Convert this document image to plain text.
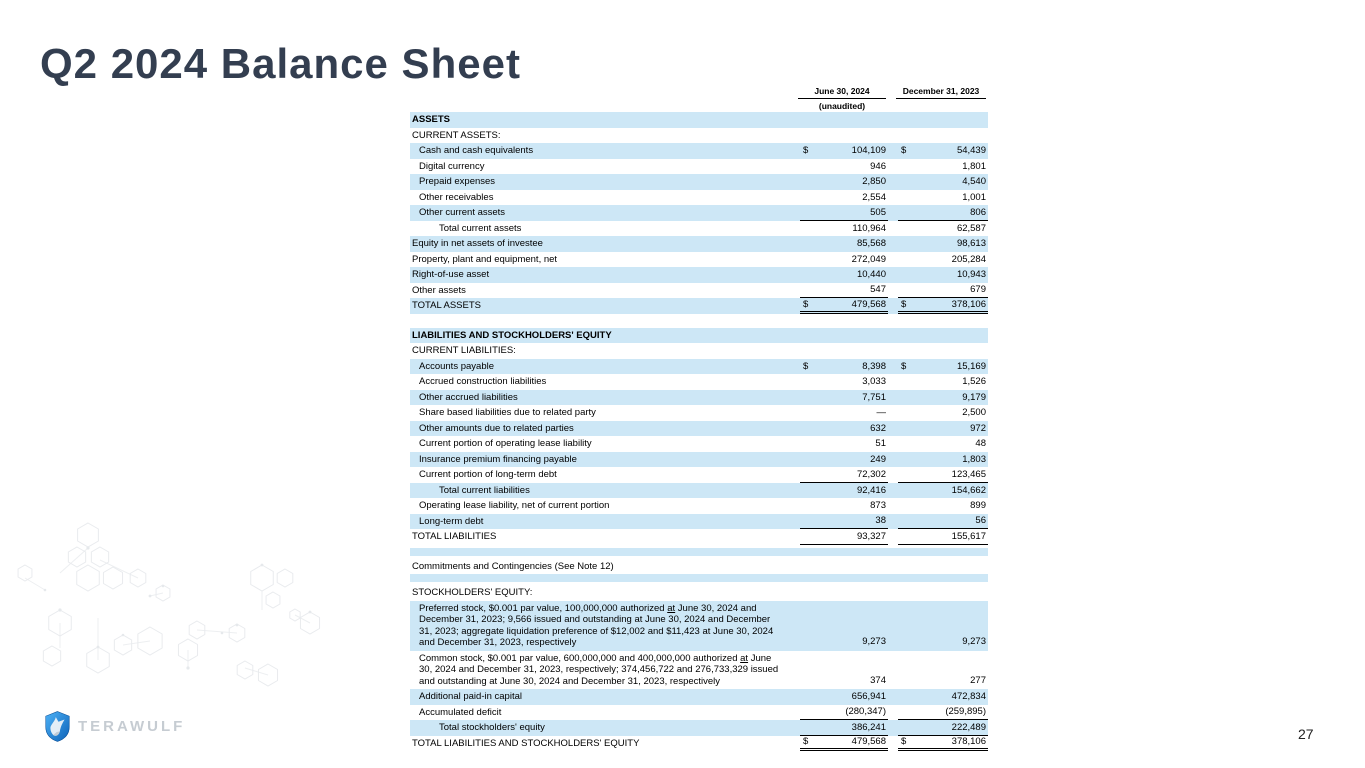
Q2 2024 Balance Sheet
June 30, 2024	December 31, 2023
(unaudited)
ASSETS
CURRENT ASSETS:
Cash and cash equivalents	$	104,109 $	54,439
Digital currency	946	1,801
Prepaid expenses	2,850	4,540
Other receivables	2,554	1,001
Other current assets	505	806
Total current assets	110,964	62,587
Equity in net assets of investee	85,568	98,613
Property, plant and equipment, net	272,049	205,284
Right-of-use asset	10,440	10,943
Other assets	547	679
TOTAL ASSETS	$	479,568 $	378,106
LIABILITIES AND STOCKHOLDERS' EQUITY
CURRENT LIABILITIES:
Accounts payable	$	8,398 $	15,169
Accrued construction liabilities	3,033	1,526
Other accrued liabilities	7,751	9,179
Share based liabilities due to related party	—	2,500
Other amounts due to related parties	632	972
Current portion of operating lease liability	51	48
Insurance premium financing payable	249	1,803
Current portion of long-term debt	72,302	123,465
Total current liabilities	92,416	154,662
Operating lease liability, net of current portion	873	899
Long-term debt	38	56
TOTAL LIABILITIES	93,327	155,617
Commitments and Contingencies (See Note 12)
STOCKHOLDERS' EQUITY:
Preferred stock, $0.001 par value, 100,000,000 authorized at June 30, 2024 and December 31, 2023; 9,566 issued and outstanding at June 30, 2024 and December 31, 2023; aggregate liquidation preference of $12,002 and $11,423 at June 30, 2024 and December 31, 2023, respectively	9,273	9,273
Common stock, $0.001 par value, 600,000,000 and 400,000,000 authorized at June 30, 2024 and December 31, 2023, respectively; 374,456,722 and 276,733,329 issued and outstanding at June 30, 2024 and December 31, 2023, respectively	374	277
Additional paid-in capital	656,941	472,834
Accumulated deficit	(280,347)	(259,895)
Total stockholders' equity	386,241	222,489
TOTAL LIABILITIES AND STOCKHOLDERS' EQUITY	$	479,568 $	378,106
TERAWULF	27
